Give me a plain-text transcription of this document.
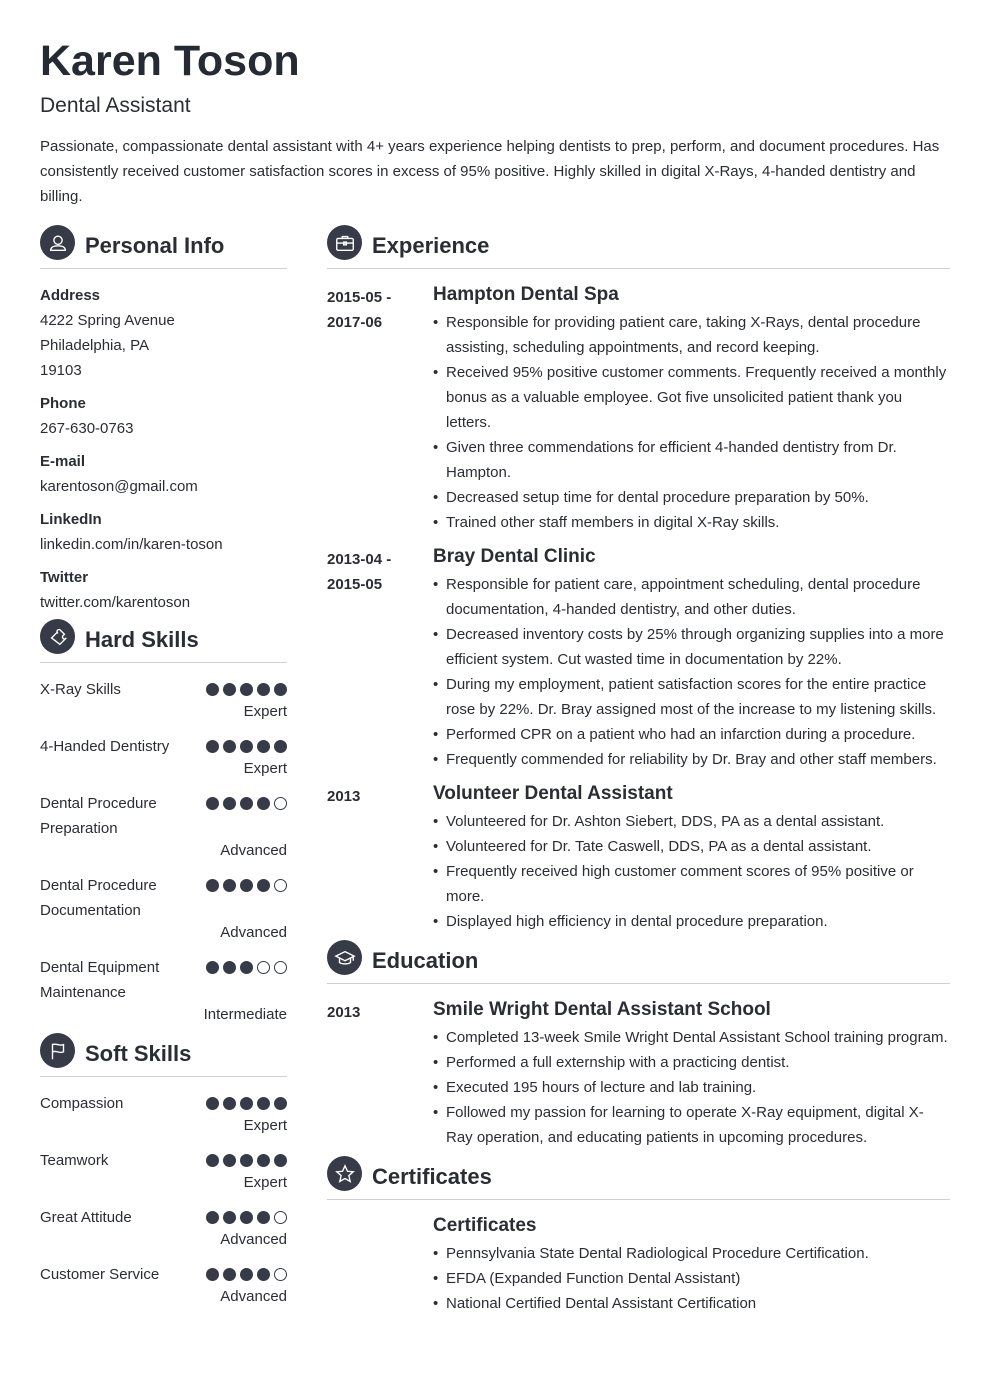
Karen Toson
Dental Assistant
Passionate, compassionate dental assistant with 4+ years experience helping dentists to prep, perform, and document procedures. Has consistently received customer satisfaction scores in excess of 95% positive. Highly skilled in digital X-Rays, 4-handed dentistry and billing.
Personal Info
Address
4222 Spring Avenue
Philadelphia, PA
19103
Phone
267-630-0763
E-mail
karentoson@gmail.com
LinkedIn
linkedin.com/in/karen-toson
Twitter
twitter.com/karentoson
Hard Skills
X-Ray Skills
Expert
4-Handed Dentistry
Expert
Dental Procedure Preparation
Advanced
Dental Procedure Documentation
Advanced
Dental Equipment Maintenance
Intermediate
Soft Skills
Compassion
Expert
Teamwork
Expert
Great Attitude
Advanced
Customer Service
Advanced
Experience
2015-05 -
2017-06
Hampton Dental Spa
• Responsible for providing patient care, taking X-Rays, dental procedure assisting, scheduling appointments, and record keeping.
• Received 95% positive customer comments. Frequently received a monthly bonus as a valuable employee. Got five unsolicited patient thank you letters.
• Given three commendations for efficient 4-handed dentistry from Dr. Hampton.
• Decreased setup time for dental procedure preparation by 50%.
• Trained other staff members in digital X-Ray skills.
2013-04 -
2015-05
Bray Dental Clinic
• Responsible for patient care, appointment scheduling, dental procedure documentation, 4-handed dentistry, and other duties.
• Decreased inventory costs by 25% through organizing supplies into a more efficient system. Cut wasted time in documentation by 22%.
• During my employment, patient satisfaction scores for the entire practice rose by 22%. Dr. Bray assigned most of the increase to my listening skills.
• Performed CPR on a patient who had an infarction during a procedure.
• Frequently commended for reliability by Dr. Bray and other staff members.
2013	Volunteer Dental Assistant
• Volunteered for Dr. Ashton Siebert, DDS, PA as a dental assistant.
• Volunteered for Dr. Tate Caswell, DDS, PA as a dental assistant.
• Frequently received high customer comment scores of 95% positive or more.
• Displayed high efficiency in dental procedure preparation.
Education
2013	Smile Wright Dental Assistant School
• Completed 13-week Smile Wright Dental Assistant School training program.
• Performed a full externship with a practicing dentist.
• Executed 195 hours of lecture and lab training.
• Followed my passion for learning to operate X-Ray equipment, digital X-Ray operation, and educating patients in upcoming procedures.
Certificates
Certificates
• Pennsylvania State Dental Radiological Procedure Certification.
• EFDA (Expanded Function Dental Assistant)
• National Certified Dental Assistant Certification
